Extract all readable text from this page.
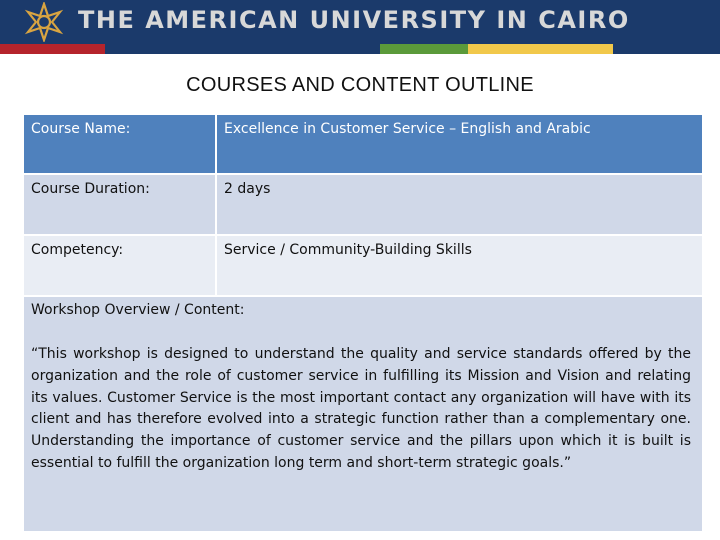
THE AMERICAN UNIVERSITY IN CAIRO
COURSES AND CONTENT OUTLINE
Course Name:	Excellence in Customer Service – English and Arabic
Course Duration:	2 days
Competency:	Service / Community-Building Skills
Workshop Overview / Content:

“This workshop is designed to understand the quality and service standards offered by the organization and the role of customer service in fulfilling its Mission and Vision and relating its values. Customer Service is the most important contact any organization will have with its client and has therefore evolved into a strategic function rather than a complementary one. Understanding the importance of customer service and the pillars upon which it is built is essential to fulfill the organization long term and short-term strategic goals.”
